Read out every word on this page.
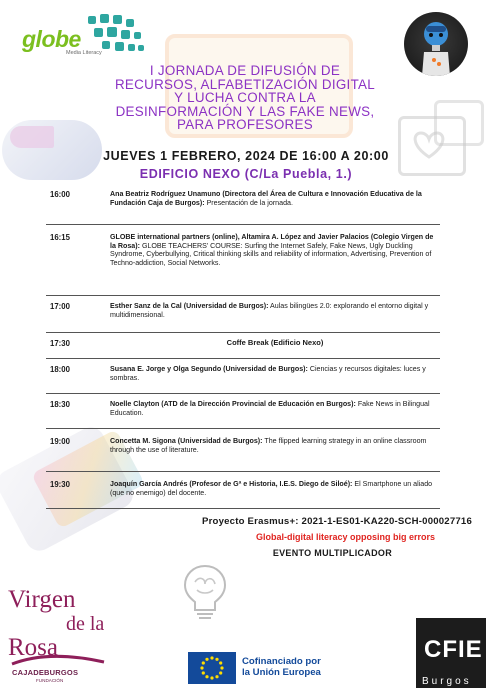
globe
Media Literacy
I JORNADA DE DIFUSIÓN DE
RECURSOS, ALFABETIZACIÓN DIGITAL
Y LUCHA CONTRA LA
DESINFORMACIÓN Y LAS FAKE NEWS,
PARA PROFESORES
JUEVES 1 FEBRERO, 2024 DE 16:00 A 20:00
EDIFICIO NEXO (C/La Puebla, 1.)
16:00	Ana Beatriz Rodríguez Unamuno (Directora del Área de Cultura e Innovación Educativa de la Fundación Caja de Burgos): Presentación de la jornada.
16:15	GLOBE international partners (online), Altamira A. López and Javier Palacios (Colegio Virgen de la Rosa): GLOBE TEACHERS' COURSE: Surfing the Internet Safely, Fake News, Ugly Duckling Syndrome, Cyberbullying, Critical thinking skills and reliability of information, Advertising, Prevention of Techno-addiction, Social Networks.
17:00	Esther Sanz de la Cal (Universidad de Burgos): Aulas bilingües 2.0: explorando el entorno digital y multidimensional.
17:30	Coffe Break (Edificio Nexo)
18:00	Susana E. Jorge y Olga Segundo (Universidad de Burgos): Ciencias y recursos digitales: luces y sombras.
18:30	Noelle Clayton (ATD de la Dirección Provincial de Educación en Burgos): Fake News in Bilingual Education.
19:00	Concetta M. Sigona (Universidad de Burgos): The flipped learning strategy in an online classroom through the use of literature.
19:30	Joaquín García Andrés (Profesor de Gª e Historia, I.E.S. Diego de Siloé): El Smartphone un aliado (que no enemigo) del docente.
Proyecto Erasmus+: 2021-1-ES01-KA220-SCH-000027716
Global-digital literacy opposing big errors
EVENTO MULTIPLICADOR
Virgen
de la
Rosa
CAJADEBURGOS
FUNDACIÓN
Cofinanciado por
la Unión Europea
CFIE
Burgos
